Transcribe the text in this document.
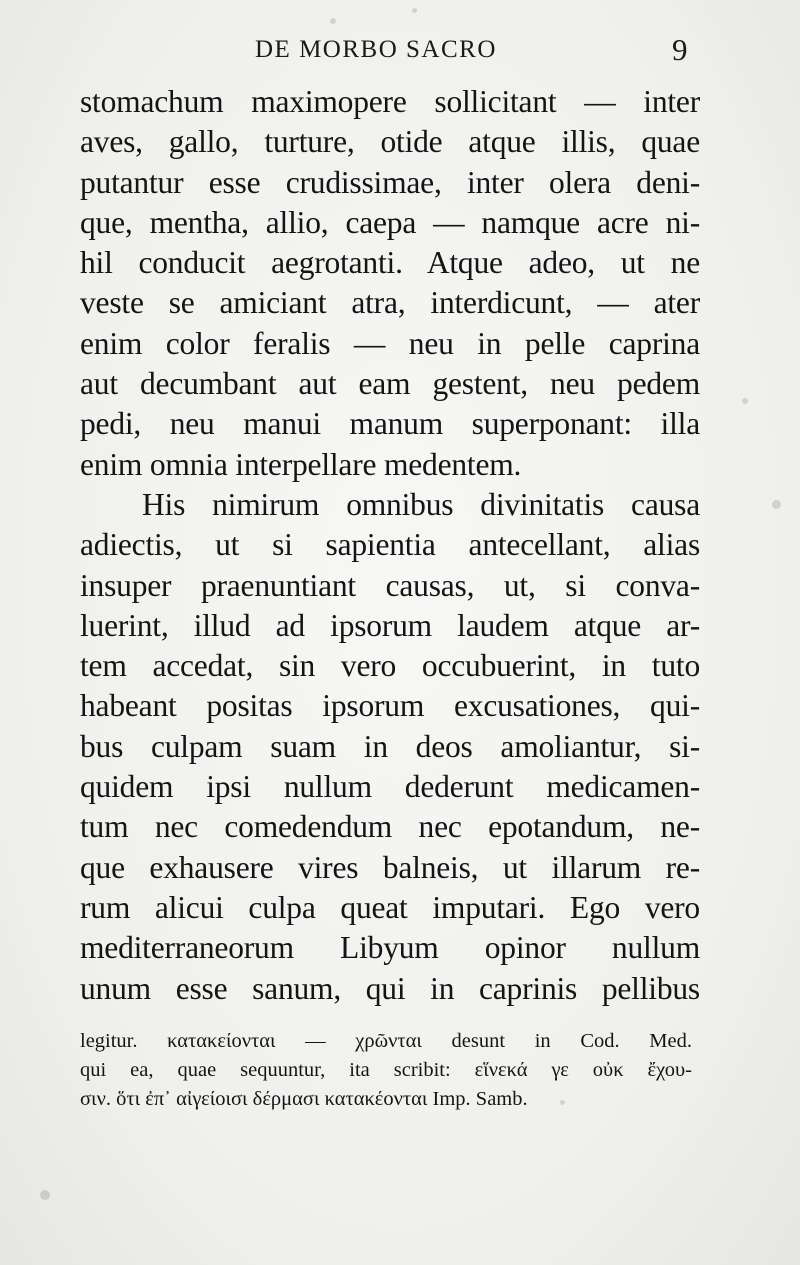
DE MORBO SACRO	9
stomachum maximopere sollicitant — inter
aves, gallo, turture, otide atque illis, quae
putantur esse crudissimae, inter olera deni-
que, mentha, allio, caepa — namque acre ni-
hil conducit aegrotanti. Atque adeo, ut ne
veste se amiciant atra, interdicunt, — ater
enim color feralis — neu in pelle caprina
aut decumbant aut eam gestent, neu pedem
pedi, neu manui manum superponant: illa
enim omnia interpellare medentem.
His nimirum omnibus divinitatis causa
adiectis, ut si sapientia antecellant, alias
insuper praenuntiant causas, ut, si conva-
luerint, illud ad ipsorum laudem atque ar-
tem accedat, sin vero occubuerint, in tuto
habeant positas ipsorum excusationes, qui-
bus culpam suam in deos amoliantur, si-
quidem ipsi nullum dederunt medicamen-
tum nec comedendum nec epotandum, ne-
que exhausere vires balneis, ut illarum re-
rum alicui culpa queat imputari. Ego vero
mediterraneorum Libyum opinor nullum
unum esse sanum, qui in caprinis pellibus
legitur. κατακείονται — χρῶνται desunt in Cod. Med.
qui ea, quae sequuntur, ita scribit: εἵνεκά γε οὐκ ἔχου-
σιν. ὅτι ἐπ᾽ αἰγείοισι δέρμασι κατακέονται Imp. Samb.
